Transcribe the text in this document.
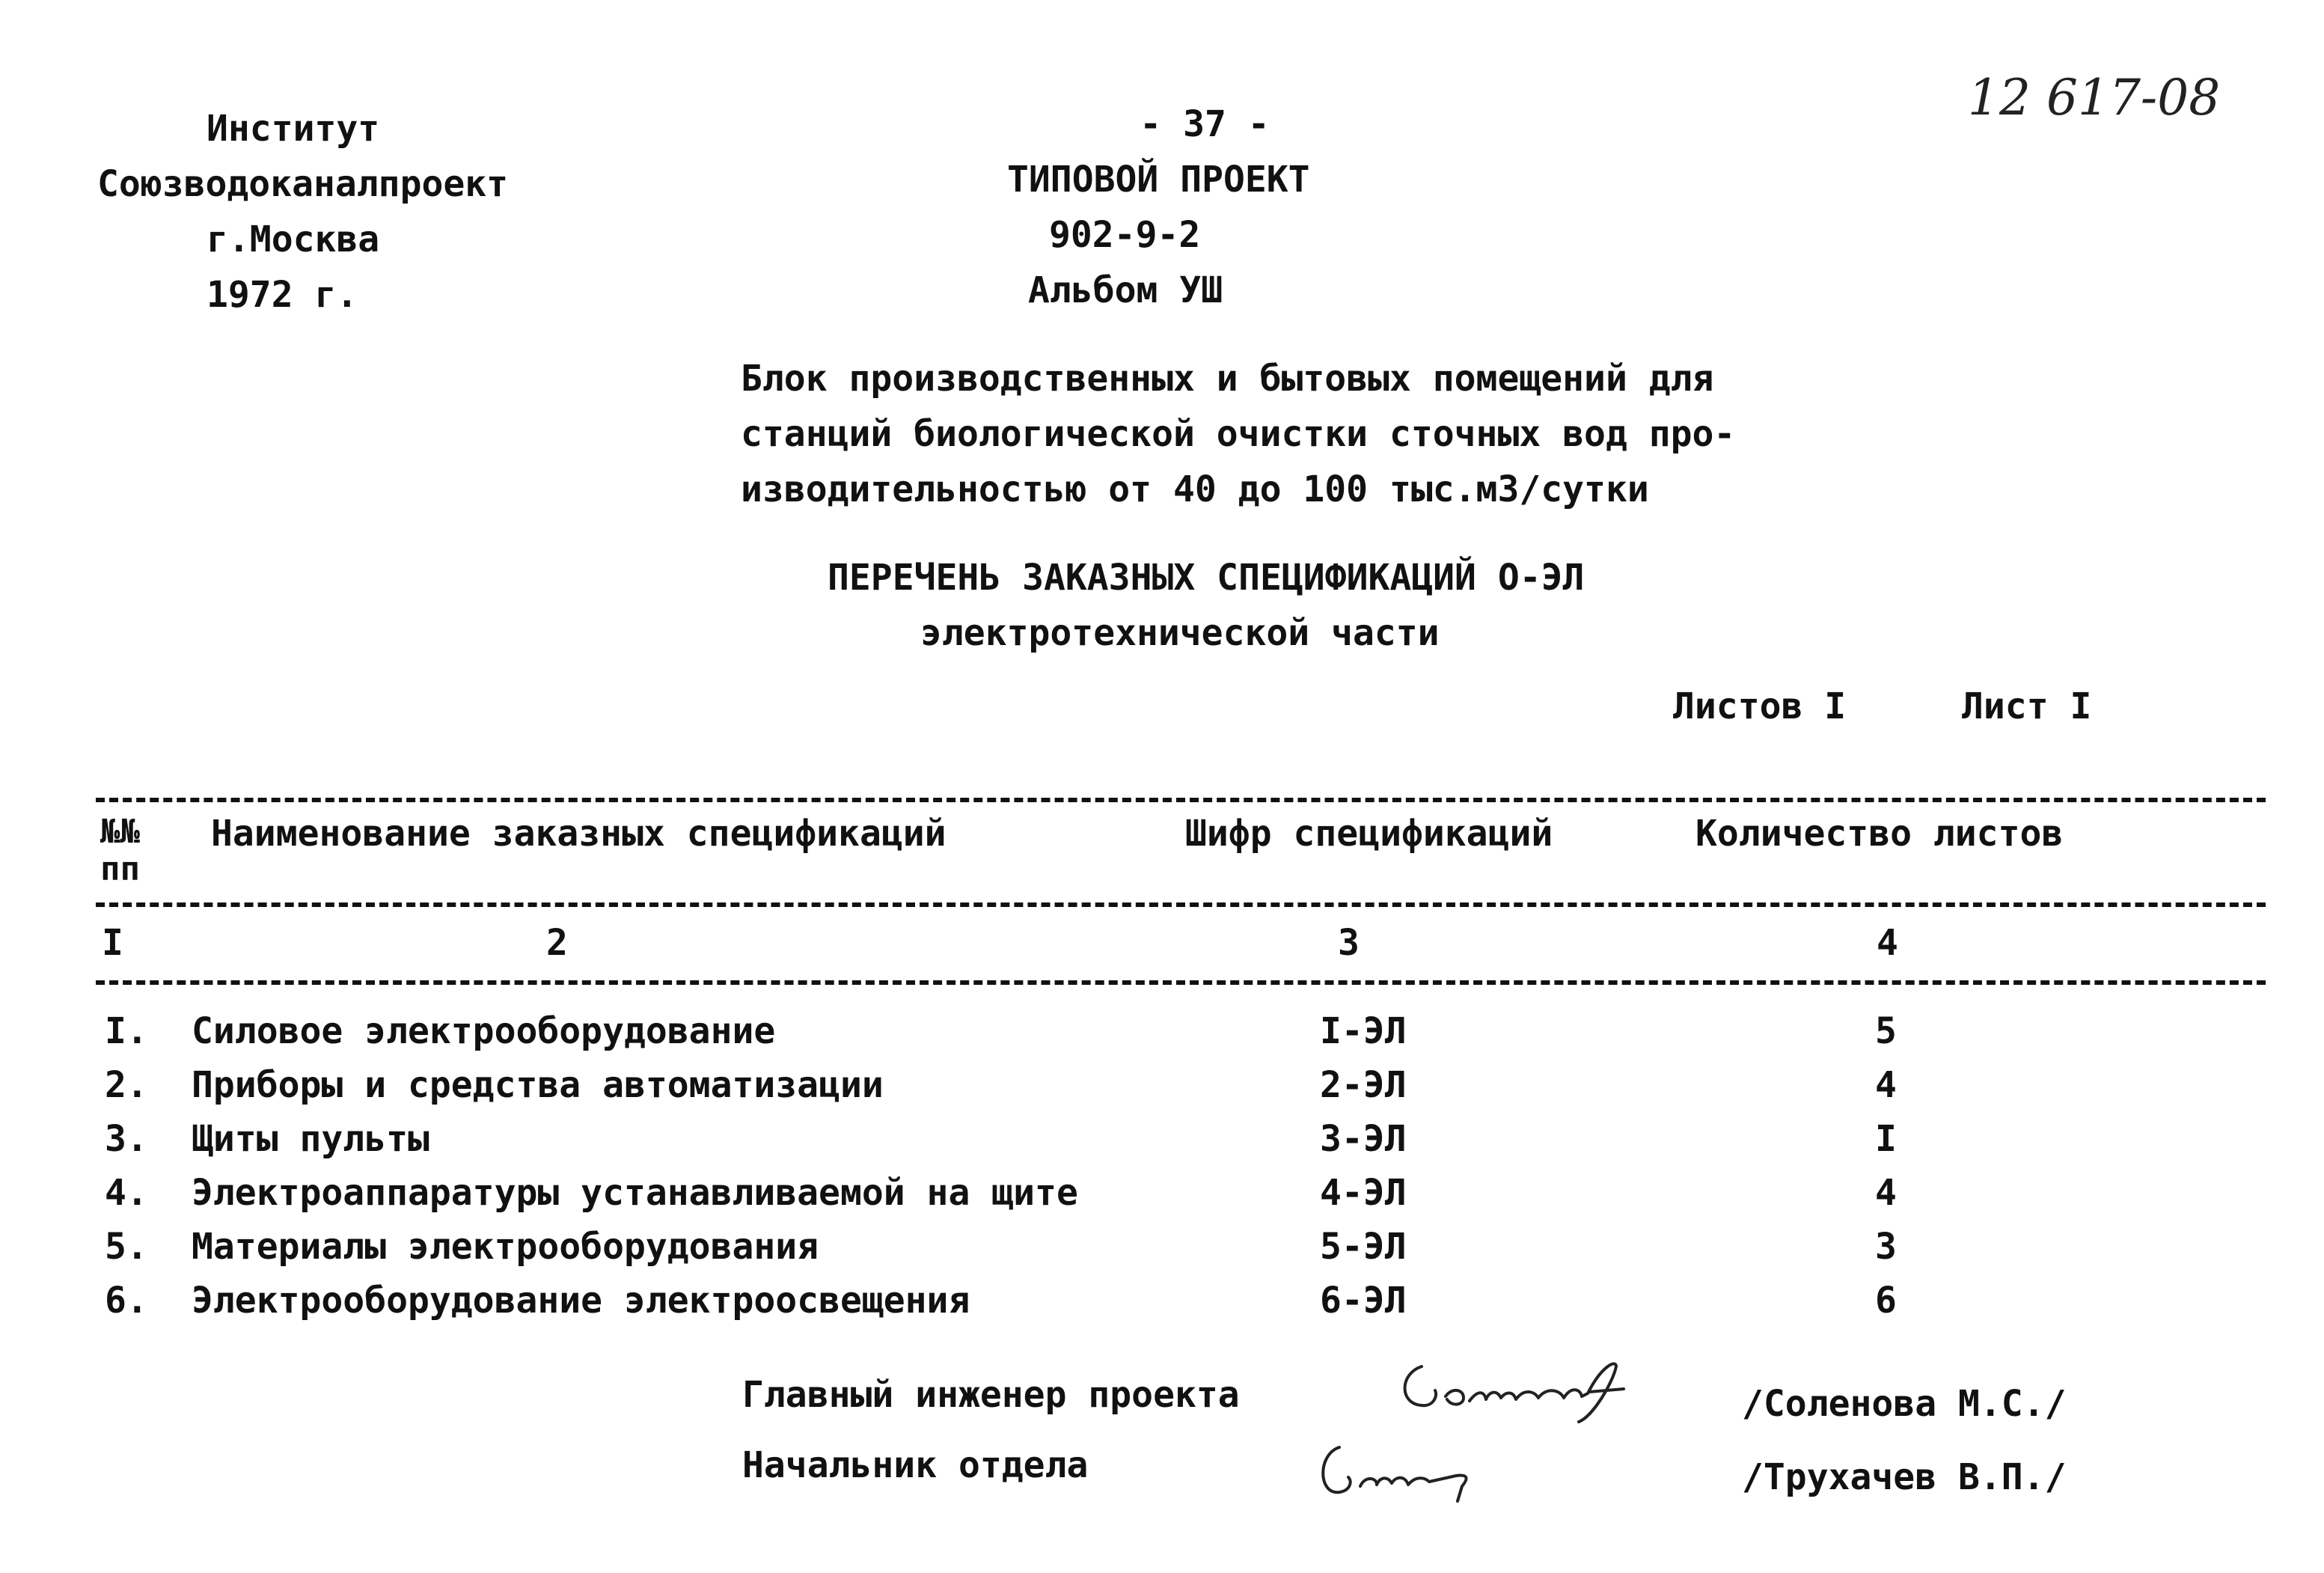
Институт
Союзводоканалпроект
г.Москва
1972 г.
- 37 -
ТИПОВОЙ ПРОЕКТ
902-9-2
Альбом УШ
12 617-08
Блок производственных и бытовых помещений для
станций биологической очистки сточных вод про-
изводительностью от 40 до 100 тыс.м3/сутки
ПЕРЕЧЕНЬ ЗАКАЗНЫХ СПЕЦИФИКАЦИЙ О-ЭЛ
электротехнической части
Листов I	Лист I
№№
пп
Наименование заказных спецификаций	Шифр спецификаций	Количество листов
I	2	3	4
I. Силовое электрооборудование	I-ЭЛ	5
2. Приборы и средства автоматизации	2-ЭЛ	4
3. Щиты пульты	3-ЭЛ	I
4. Электроаппаратуры устанавливаемой на щите	4-ЭЛ	4
5. Материалы электрооборудования	5-ЭЛ	3
6. Электрооборудование электроосвещения	6-ЭЛ	6
Главный инженер проекта	/Соленова М.С./
Начальник отдела	/Трухачев В.П./
